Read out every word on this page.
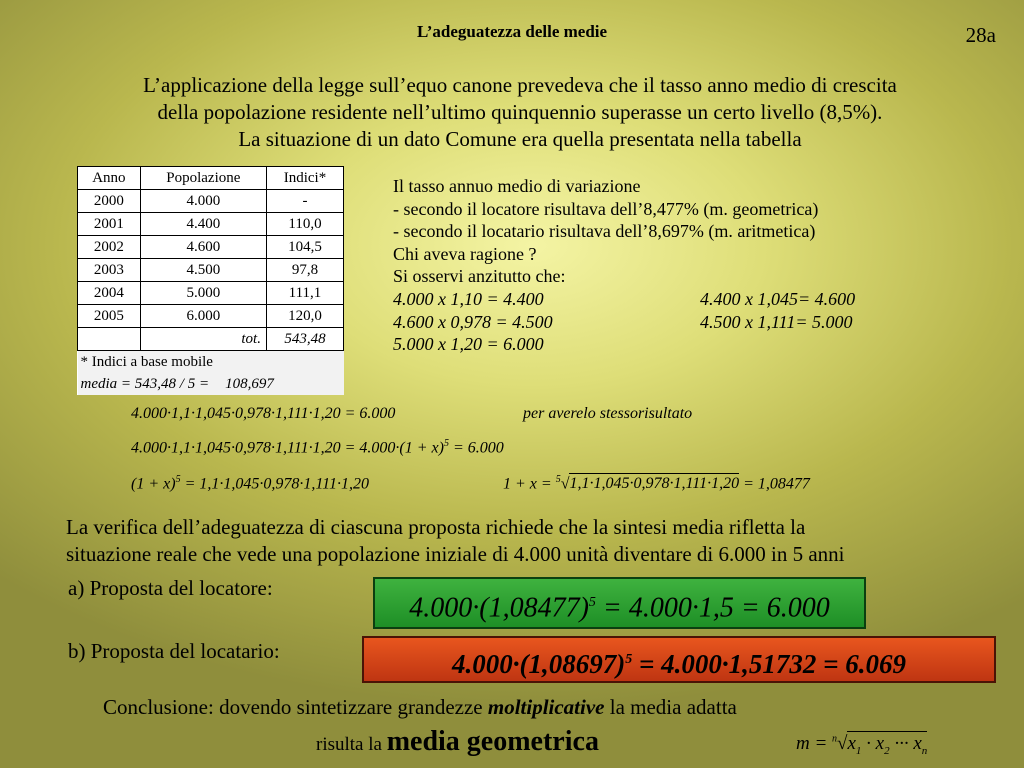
L’adeguatezza delle medie	28a
L’applicazione della legge sull’equo canone prevedeva che il tasso anno medio di crescita
della popolazione residente nell’ultimo quinquennio superasse un certo livello (8,5%).
La situazione di un dato Comune era quella presentata nella tabella
Anno	Popolazione	Indici*
2000	4.000	-
2001	4.400	110,0
2002	4.600	104,5
2003	4.500	97,8
2004	5.000	111,1
2005	6.000	120,0
	tot.	543,48
* Indici a base mobile		
media = 543,48 / 5 = 108,697		
Il tasso annuo medio di variazione
- secondo il locatore risultava dell’8,477% (m. geometrica)
- secondo il locatario risultava dell’8,697% (m. aritmetica)
Chi aveva ragione ?
Si osservi anzitutto che:
4.000 x 1,10 = 4.400	4.400 x 1,045= 4.600
4.600 x 0,978 = 4.500	4.500 x 1,111= 5.000
5.000 x 1,20 = 6.000
4.000·1,1·1,045·0,978·1,111·1,20 = 6.000	per averelo stessorisultato
$4.000\cdot 1,1\cdot 1,045\cdot 0,978\cdot 1,111\cdot 1,20 = 4.000\cdot(1 + x)^5 = 6.000$
$(1 + x)^5 = 1,1\cdot 1,045\cdot 0,978\cdot 1,111\cdot 1,20$	1 + x = $^5$√1,1·1,045·0,978·1,111·1,20 = 1,08477
La verifica dell’adeguatezza di ciascuna proposta richiede che la sintesi media rifletta la
situazione reale che vede una popolazione iniziale di 4.000 unità diventare di 6.000 in 5 anni
a) Proposta del locatore:
$4.000\cdot(1,08477)^5 = 4.000\cdot 1,5 = 6.000$
b) Proposta del locatario:	$4.000\cdot(1,08697)^5 = 4.000\cdot 1,51732 = 6.069$
Conclusione: dovendo sintetizzare grandezze moltiplicative la media adatta
risulta la media geometrica	$m = ^n√x_1 \cdot x_2$ ··· $x_n$
